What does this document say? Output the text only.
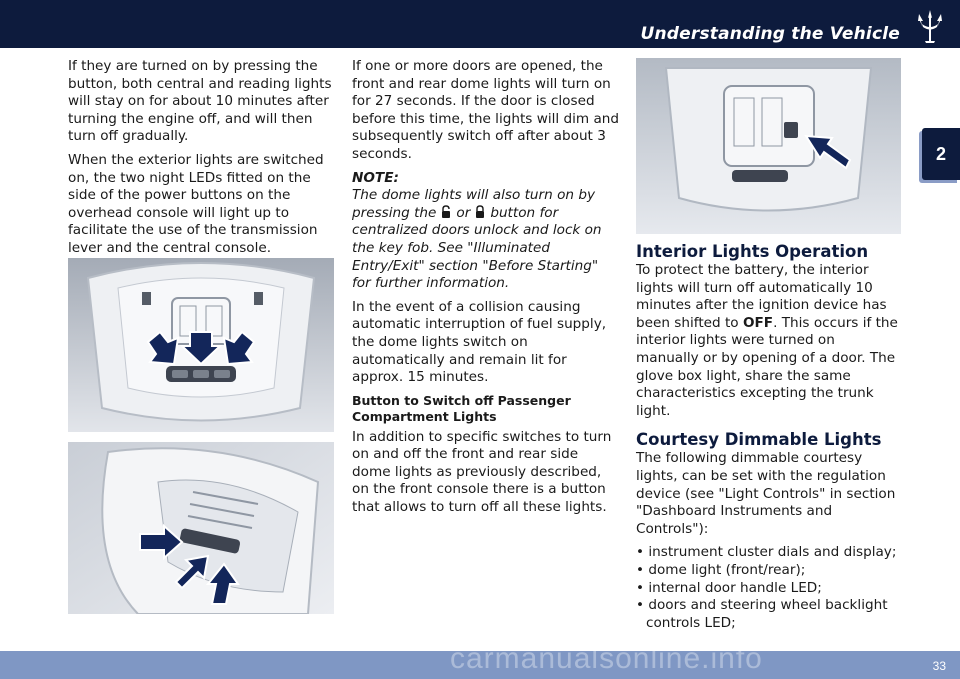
Understanding the Vehicle
2

If they are turned on by pressing the button, both central and reading lights will stay on for about 10 minutes after turning the engine off, and will then turn off gradually.

When the exterior lights are switched on, the two night LEDs fitted on the side of the power buttons on the overhead console will light up to facilitate the use of the transmission lever and the central console.

If one or more doors are opened, the front and rear dome lights will turn on for 27 seconds. If the door is closed before this time, the lights will dim and subsequently switch off after about 3 seconds.

NOTE:

The dome lights will also turn on by pressing the or button for centralized doors unlock and lock on the key fob. See "Illuminated Entry/Exit" section "Before Starting" for further information.

In the event of a collision causing automatic interruption of fuel supply, the dome lights switch on automatically and remain lit for approx. 15 minutes.

Button to Switch off Passenger Compartment Lights

In addition to specific switches to turn on and off the front and rear side dome lights as previously described, on the front console there is a button that allows to turn off all these lights.

Interior Lights Operation

To protect the battery, the interior lights will turn off automatically 10 minutes after the ignition device has been shifted to OFF. This occurs if the interior lights were turned on manually or by opening of a door. The glove box light, share the same characteristics excepting the trunk light.

Courtesy Dimmable Lights

The following dimmable courtesy lights, can be set with the regulation device (see "Light Controls" in section "Dashboard Instruments and Controls"):

• instrument cluster dials and display;
• dome light (front/rear);
• internal door handle LED;
• doors and steering wheel backlight controls LED;
carmanualsonline.info	33
